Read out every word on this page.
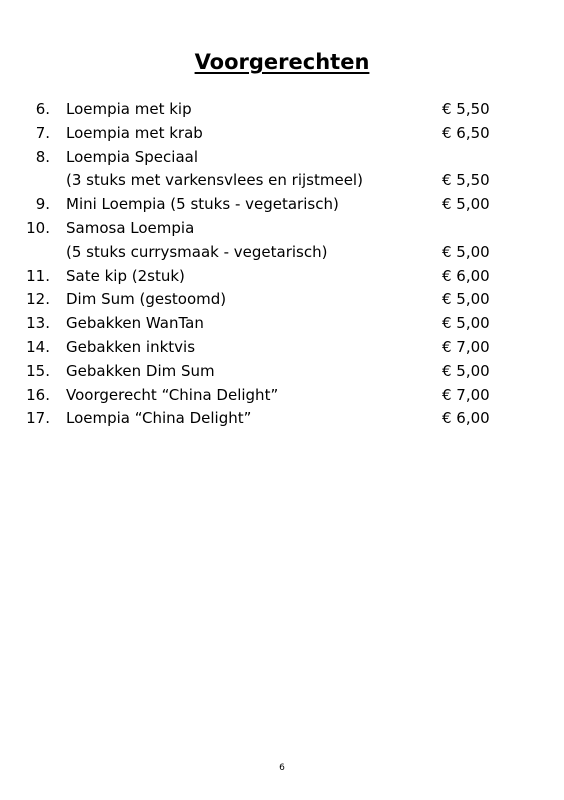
Voorgerechten
6. Loempia met kip	€ 5,50
7. Loempia met krab	€ 6,50
8. Loempia Speciaal
(3 stuks met varkensvlees en rijstmeel)	€ 5,50
9. Mini Loempia (5 stuks - vegetarisch)	€ 5,00
10. Samosa Loempia
(5 stuks currysmaak - vegetarisch)	€ 5,00
11. Sate kip (2stuk)	€ 6,00
12. Dim Sum (gestoomd)	€ 5,00
13. Gebakken WanTan	€ 5,00
14. Gebakken inktvis	€ 7,00
15. Gebakken Dim Sum	€ 5,00
16. Voorgerecht “China Delight”	€ 7,00
17. Loempia “China Delight”	€ 6,00
6
